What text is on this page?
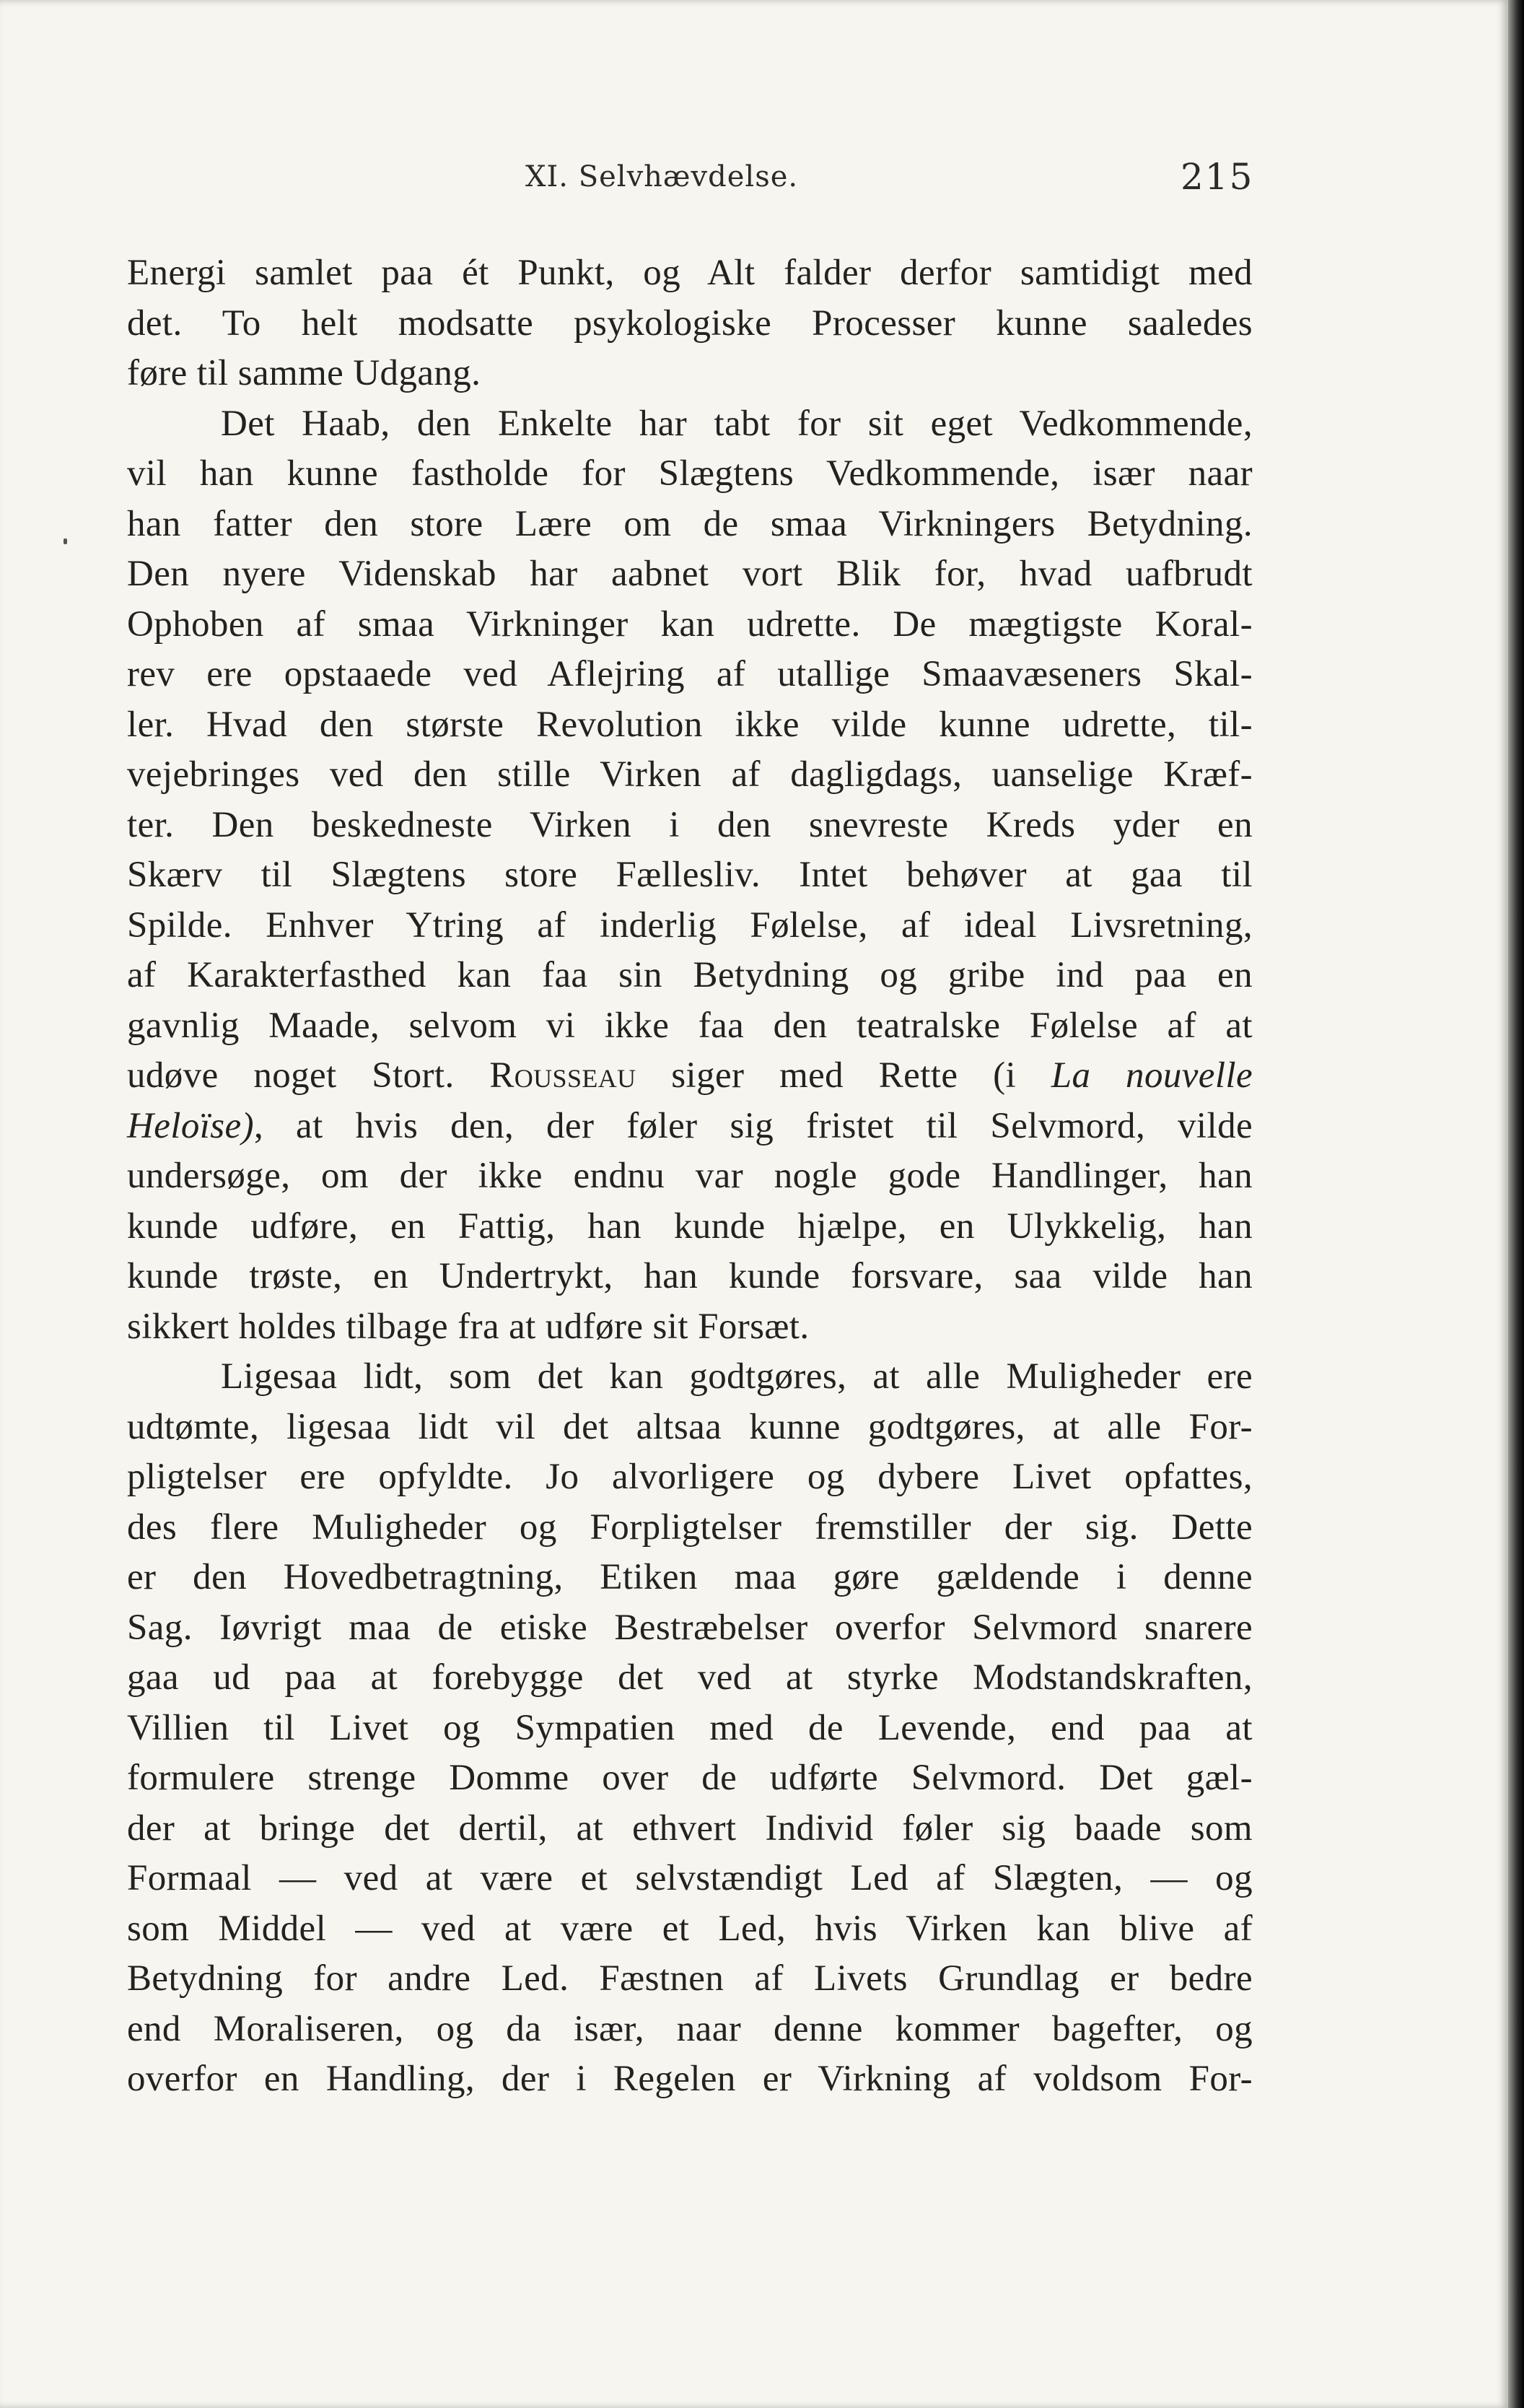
XI. Selvhævdelse.	215
Energi samlet paa ét Punkt, og Alt falder derfor samtidigt med
det. To helt modsatte psykologiske Processer kunne saaledes
føre til samme Udgang.
Det Haab, den Enkelte har tabt for sit eget Vedkommende,
vil han kunne fastholde for Slægtens Vedkommende, især naar
han fatter den store Lære om de smaa Virkningers Betydning.
Den nyere Videnskab har aabnet vort Blik for, hvad uafbrudt
Ophoben af smaa Virkninger kan udrette. De mægtigste Koral-
rev ere opstaaede ved Aflejring af utallige Smaavæseners Skal-
ler. Hvad den største Revolution ikke vilde kunne udrette, til-
vejebringes ved den stille Virken af dagligdags, uanselige Kræf-
ter. Den beskedneste Virken i den snevreste Kreds yder en
Skærv til Slægtens store Fællesliv. Intet behøver at gaa til
Spilde. Enhver Ytring af inderlig Følelse, af ideal Livsretning,
af Karakterfasthed kan faa sin Betydning og gribe ind paa en
gavnlig Maade, selvom vi ikke faa den teatralske Følelse af at
udøve noget Stort. Rousseau siger med Rette (i La nouvelle
Heloïse), at hvis den, der føler sig fristet til Selvmord, vilde
undersøge, om der ikke endnu var nogle gode Handlinger, han
kunde udføre, en Fattig, han kunde hjælpe, en Ulykkelig, han
kunde trøste, en Undertrykt, han kunde forsvare, saa vilde han
sikkert holdes tilbage fra at udføre sit Forsæt.
Ligesaa lidt, som det kan godtgøres, at alle Muligheder ere
udtømte, ligesaa lidt vil det altsaa kunne godtgøres, at alle For-
pligtelser ere opfyldte. Jo alvorligere og dybere Livet opfattes,
des flere Muligheder og Forpligtelser fremstiller der sig. Dette
er den Hovedbetragtning, Etiken maa gøre gældende i denne
Sag. Iøvrigt maa de etiske Bestræbelser overfor Selvmord snarere
gaa ud paa at forebygge det ved at styrke Modstandskraften,
Villien til Livet og Sympatien med de Levende, end paa at
formulere strenge Domme over de udførte Selvmord. Det gæl-
der at bringe det dertil, at ethvert Individ føler sig baade som
Formaal — ved at være et selvstændigt Led af Slægten, — og
som Middel — ved at være et Led, hvis Virken kan blive af
Betydning for andre Led. Fæstnen af Livets Grundlag er bedre
end Moraliseren, og da især, naar denne kommer bagefter, og
overfor en Handling, der i Regelen er Virkning af voldsom For-
